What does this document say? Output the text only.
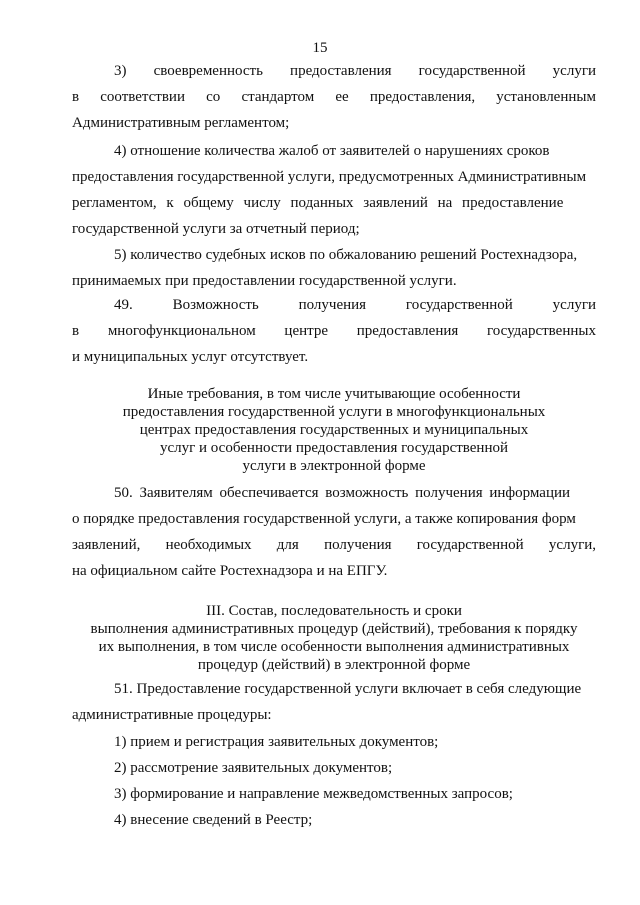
15
3) своевременность предоставления государственной услуги
в соответствии со стандартом ее предоставления, установленным
Административным регламентом;
4) отношение количества жалоб от заявителей о нарушениях сроков
предоставления государственной услуги, предусмотренных Административным
регламентом, к общему числу поданных заявлений на предоставление
государственной услуги за отчетный период;
5) количество судебных исков по обжалованию решений Ростехнадзора,
принимаемых при предоставлении государственной услуги.
49.	Возможность	получения	государственной	услуги
в многофункциональном центре предоставления государственных
и муниципальных услуг отсутствует.
Иные требования, в том числе учитывающие особенности
предоставления государственной услуги в многофункциональных
центрах предоставления государственных и муниципальных
услуг и особенности предоставления государственной
услуги в электронной форме
50. Заявителям обеспечивается возможность получения информации
о порядке предоставления государственной услуги, а также копирования форм
заявлений, необходимых для получения государственной услуги,
на официальном сайте Ростехнадзора и на ЕПГУ.
III. Состав, последовательность и сроки
выполнения административных процедур (действий), требования к порядку
их выполнения, в том числе особенности выполнения административных
процедур (действий) в электронной форме
51. Предоставление государственной услуги включает в себя следующие
административные процедуры:
1) прием и регистрация заявительных документов;
2) рассмотрение заявительных документов;
3) формирование и направление межведомственных запросов;
4) внесение сведений в Реестр;
